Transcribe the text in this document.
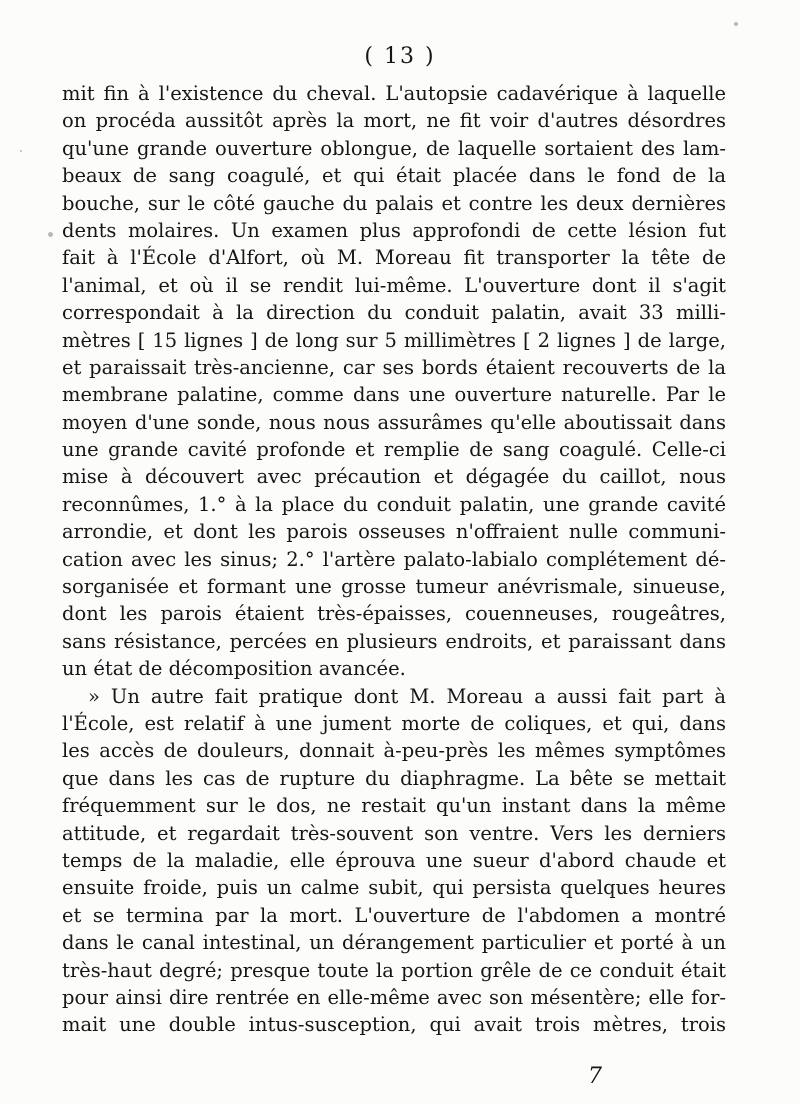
( 13 )
mit fin à l'existence du cheval. L'autopsie cadavérique à laquelle
on procéda aussitôt après la mort, ne fit voir d'autres désordres
qu'une grande ouverture oblongue, de laquelle sortaient des lam-
beaux de sang coagulé, et qui était placée dans le fond de la
bouche, sur le côté gauche du palais et contre les deux dernières
dents molaires. Un examen plus approfondi de cette lésion fut
fait à l'École d'Alfort, où M. Moreau fit transporter la tête de
l'animal, et où il se rendit lui-même. L'ouverture dont il s'agit
correspondait à la direction du conduit palatin, avait 33 milli-
mètres [ 15 lignes ] de long sur 5 millimètres [ 2 lignes ] de large,
et paraissait très-ancienne, car ses bords étaient recouverts de la
membrane palatine, comme dans une ouverture naturelle. Par le
moyen d'une sonde, nous nous assurâmes qu'elle aboutissait dans
une grande cavité profonde et remplie de sang coagulé. Celle-ci
mise à découvert avec précaution et dégagée du caillot, nous
reconnûmes, 1.° à la place du conduit palatin, une grande cavité
arrondie, et dont les parois osseuses n'offraient nulle communi-
cation avec les sinus; 2.° l'artère palato-labialo complétement dé-
sorganisée et formant une grosse tumeur anévrismale, sinueuse,
dont les parois étaient très-épaisses, couenneuses, rougeâtres,
sans résistance, percées en plusieurs endroits, et paraissant dans
un état de décomposition avancée.
» Un autre fait pratique dont M. Moreau a aussi fait part à
l'École, est relatif à une jument morte de coliques, et qui, dans
les accès de douleurs, donnait à-peu-près les mêmes symptômes
que dans les cas de rupture du diaphragme. La bête se mettait
fréquemment sur le dos, ne restait qu'un instant dans la même
attitude, et regardait très-souvent son ventre. Vers les derniers
temps de la maladie, elle éprouva une sueur d'abord chaude et
ensuite froide, puis un calme subit, qui persista quelques heures
et se termina par la mort. L'ouverture de l'abdomen a montré
dans le canal intestinal, un dérangement particulier et porté à un
très-haut degré; presque toute la portion grêle de ce conduit était
pour ainsi dire rentrée en elle-même avec son mésentère; elle for-
mait une double intus-susception, qui avait trois mètres, trois
7
